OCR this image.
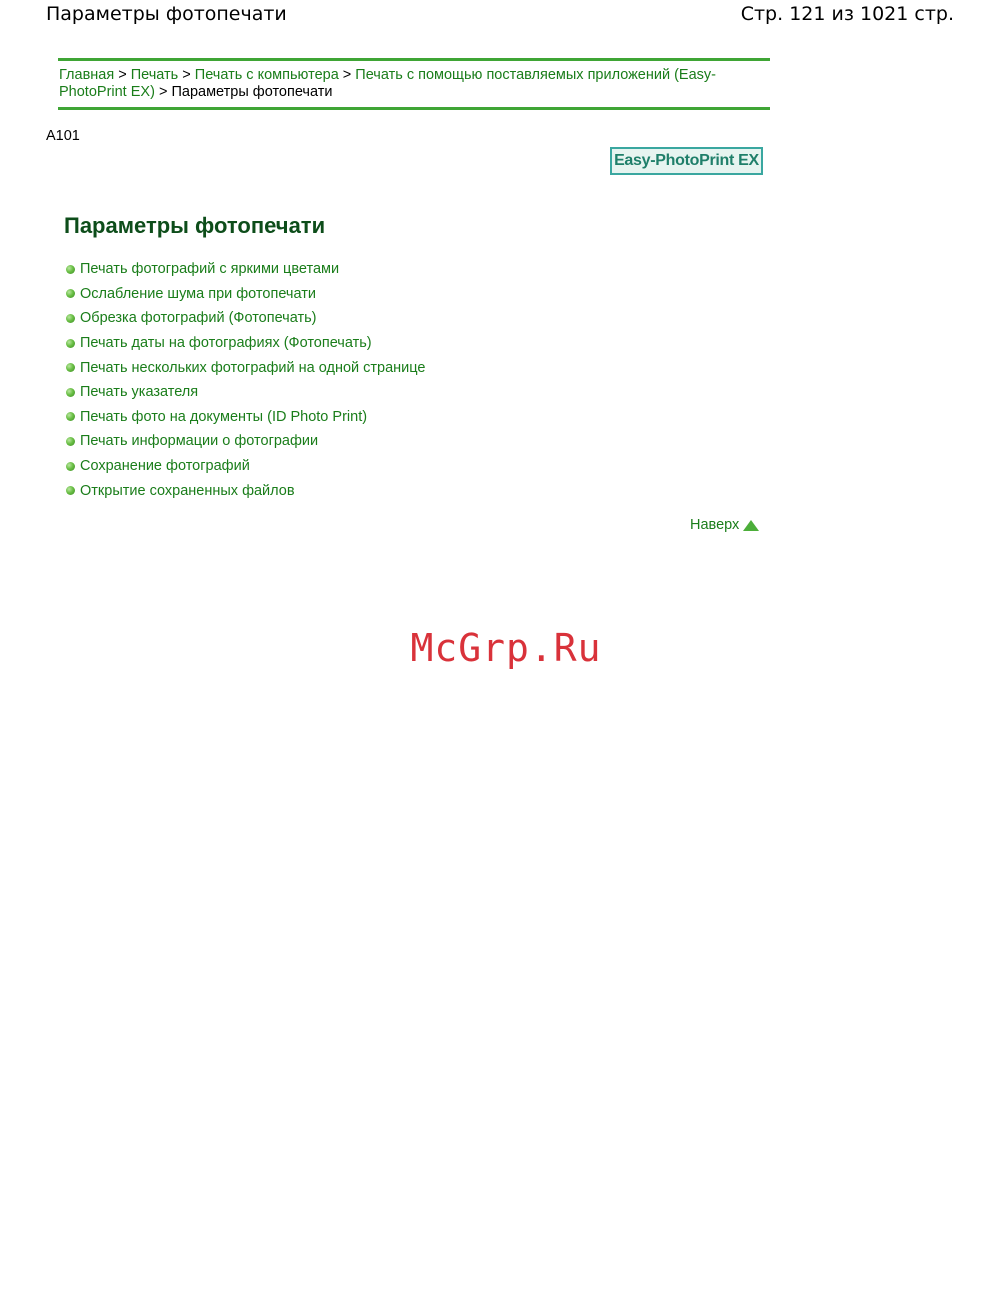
Параметры фотопечати	Стр. 121 из 1021 стр.
Главная > Печать > Печать с компьютера > Печать с помощью поставляемых приложений (Easy-PhotoPrint EX) > Параметры фотопечати
A101
Easy-PhotoPrint EX
Параметры фотопечати
Печать фотографий с яркими цветами
Ослабление шума при фотопечати
Обрезка фотографий (Фотопечать)
Печать даты на фотографиях (Фотопечать)
Печать нескольких фотографий на одной странице
Печать указателя
Печать фото на документы (ID Photo Print)
Печать информации о фотографии
Сохранение фотографий
Открытие сохраненных файлов
Наверх
McGrp.Ru
